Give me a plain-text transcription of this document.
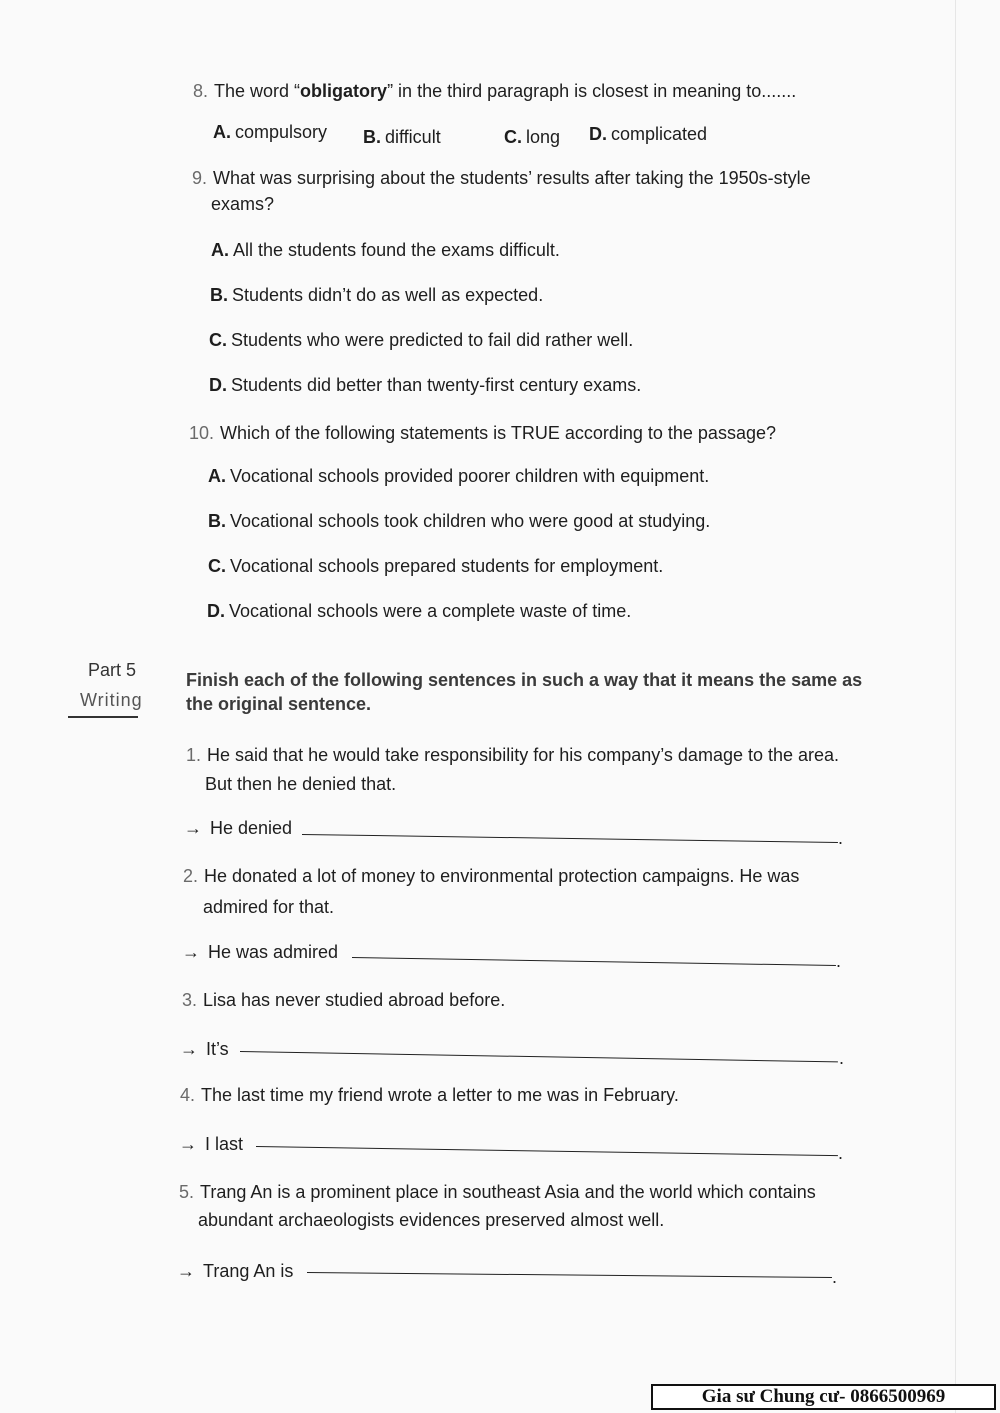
8. The word “obligatory” in the third paragraph is closest in meaning to.......
A. compulsory B. difficult	C. long D. complicated
9. What was surprising about the students’ results after taking the 1950s-style
exams?
A. All the students found the exams difficult.
B. Students didn’t do as well as expected.
C. Students who were predicted to fail did rather well.
D. Students did better than twenty-first century exams.
10. Which of the following statements is TRUE according to the passage?
A. Vocational schools provided poorer children with equipment.
B. Vocational schools took children who were good at studying.
C. Vocational schools prepared students for employment.
D. Vocational schools were a complete waste of time.
Part 5
Writing
Finish each of the following sentences in such a way that it means the same as
the original sentence.
1. He said that he would take responsibility for his company’s damage to the area.
But then he denied that.
→ He denied	.
2. He donated a lot of money to environmental protection campaigns. He was
admired for that.
→ He was admired	.
3. Lisa has never studied abroad before.
→ It’s	.
4. The last time my friend wrote a letter to me was in February.
→ I last	.
5. Trang An is a prominent place in southeast Asia and the world which contains
abundant archaeologists evidences preserved almost well.
→ Trang An is	.
Gia sư Chung cư- 0866500969
